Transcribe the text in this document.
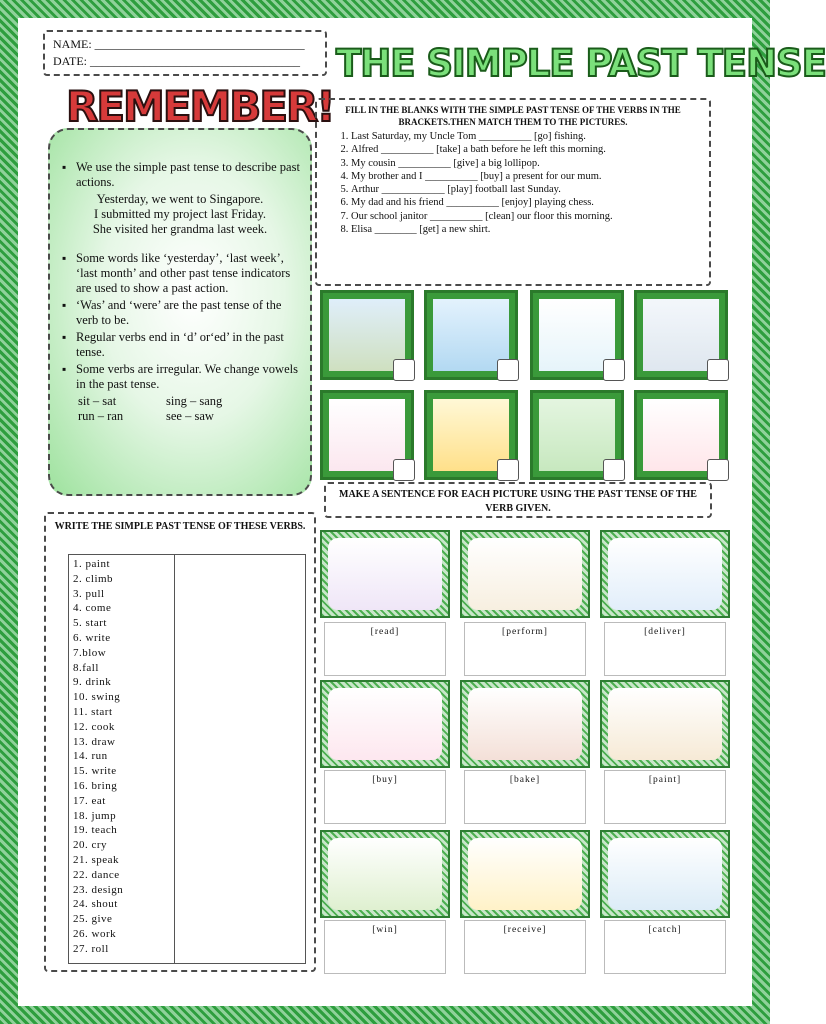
NAME: ___________________________________
DATE: ___________________________________ THE SIMPLE PAST TENSE
▪ We use the simple past tense to describe past actions.
Yesterday, we went to Singapore.
I submitted my project last Friday.
She visited her grandma last week.
▪ Some words like ‘yesterday’, ‘last week’, ‘last month’ and other past tense indicators are used to show a past action.
▪ ‘Was’ and ‘were’ are the past tense of the verb to be.
▪ Regular verbs end in ‘d’ or‘ed’ in the past tense.
▪ Some verbs are irregular. We change vowels in the past tense.
sit – sat	sing – sang
run – ran	see – saw
REMEMBER!	FILL IN THE BLANKS WITH THE SIMPLE PAST TENSE OF THE VERBS IN THE BRACKETS.THEN MATCH THEM TO THE PICTURES.
1. Last Saturday, my Uncle Tom __________ [go] fishing.
2. Alfred __________ [take] a bath before he left this morning.
3. My cousin __________ [give] a big lollipop.
4. My brother and I __________ [buy] a present for our mum.
5. Arthur ____________ [play] football last Sunday.
6. My dad and his friend __________ [enjoy] playing chess.
7. Our school janitor __________ [clean] our floor this morning.
8. Elisa ________ [get] a new shirt.
MAKE A SENTENCE FOR EACH PICTURE USING THE PAST TENSE OF THE VERB GIVEN.
WRITE THE SIMPLE PAST TENSE OF THESE VERBS.
1. paint
2. climb
3. pull
4. come
5. start
6. write
7.blow
8.fall
9. drink
10. swing
11. start
12. cook
13. draw
14. run
15. write
16. bring
17. eat
18. jump
19. teach
20. cry
21. speak
22. dance
23. design
24. shout
25. give
26. work
27. roll
[read]	[perform]	[deliver]
[buy]	[bake]	[paint]
[win]	[receive]	[catch]
